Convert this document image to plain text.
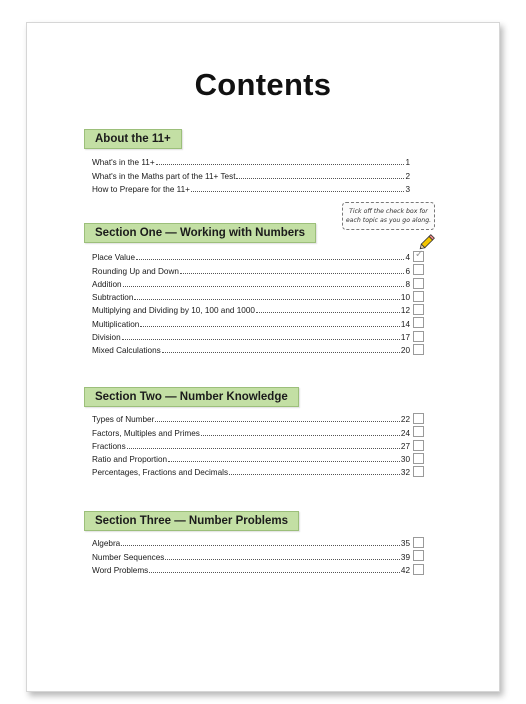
Contents
About the 11+
What's in the 11+	1
What's in the Maths part of the 11+ Test	2
How to Prepare for the 11+	3
Tick off the check box for
each topic as you go along.
Section One — Working with Numbers
Place Value	4
Rounding Up and Down	6
Addition	8
Subtraction	10
Multiplying and Dividing by 10, 100 and 1000	12
Multiplication	14
Division	17
Mixed Calculations	20
✓
Section Two — Number Knowledge
Types of Number	22
Factors, Multiples and Primes	24
Fractions	27
Ratio and Proportion	30
Percentages, Fractions and Decimals	32
Section Three — Number Problems
Algebra	35
Number Sequences	39
Word Problems	42
